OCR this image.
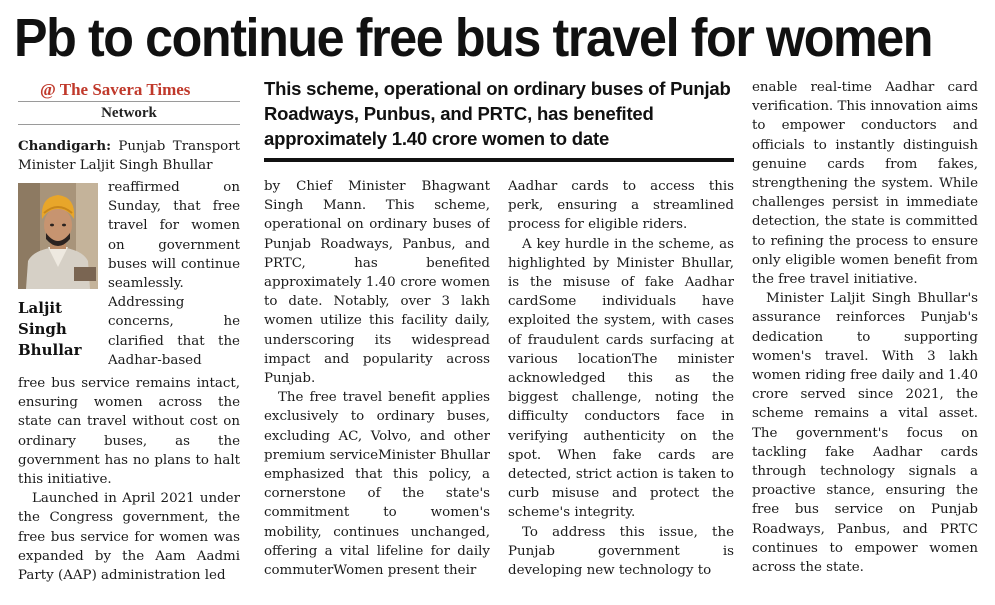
Pb to continue free bus travel for women
@ The Savera Times
Network
This scheme, operational on ordinary buses of Punjab Roadways, Punbus, and PRTC, has benefited approximately 1.40 crore women to date

Chandigarh: Punjab Transport Minister Laljit Singh Bhullar

Laljit Singh Bhullar

reaffirmed on Sunday, that free travel for women on government buses will continue seamlessly. Addressing concerns, he clarified that the Aadhar-based

free bus service remains intact, ensuring women across the state can travel without cost on ordinary buses, as the government has no plans to halt this initiative.

Launched in April 2021 under the Congress government, the free bus service for women was expanded by the Aam Aadmi Party (AAP) administration led

by Chief Minister Bhagwant Singh Mann. This scheme, operational on ordinary buses of Punjab Roadways, Panbus, and PRTC, has benefited approximately 1.40 crore women to date. Notably, over 3 lakh women utilize this facility daily, underscoring its widespread impact and popularity across Punjab.

The free travel benefit applies exclusively to ordinary buses, excluding AC, Volvo, and other premium serviceMinister Bhullar emphasized that this policy, a cornerstone of the state's commitment to women's mobility, continues unchanged, offering a vital lifeline for daily commuterWomen present their

Aadhar cards to access this perk, ensuring a streamlined process for eligible riders.

A key hurdle in the scheme, as highlighted by Minister Bhullar, is the misuse of fake Aadhar cardSome individuals have exploited the system, with cases of fraudulent cards surfacing at various locationThe minister acknowledged this as the biggest challenge, noting the difficulty conductors face in verifying authenticity on the spot. When fake cards are detected, strict action is taken to curb misuse and protect the scheme's integrity.

To address this issue, the Punjab government is developing new technology to

enable real-time Aadhar card verification. This innovation aims to empower conductors and officials to instantly distinguish genuine cards from fakes, strengthening the system. While challenges persist in immediate detection, the state is committed to refining the process to ensure only eligible women benefit from the free travel initiative.

Minister Laljit Singh Bhullar's assurance reinforces Punjab's dedication to supporting women's travel. With 3 lakh women riding free daily and 1.40 crore served since 2021, the scheme remains a vital asset. The government's focus on tackling fake Aadhar cards through technology signals a proactive stance, ensuring the free bus service on Punjab Roadways, Panbus, and PRTC continues to empower women across the state.
